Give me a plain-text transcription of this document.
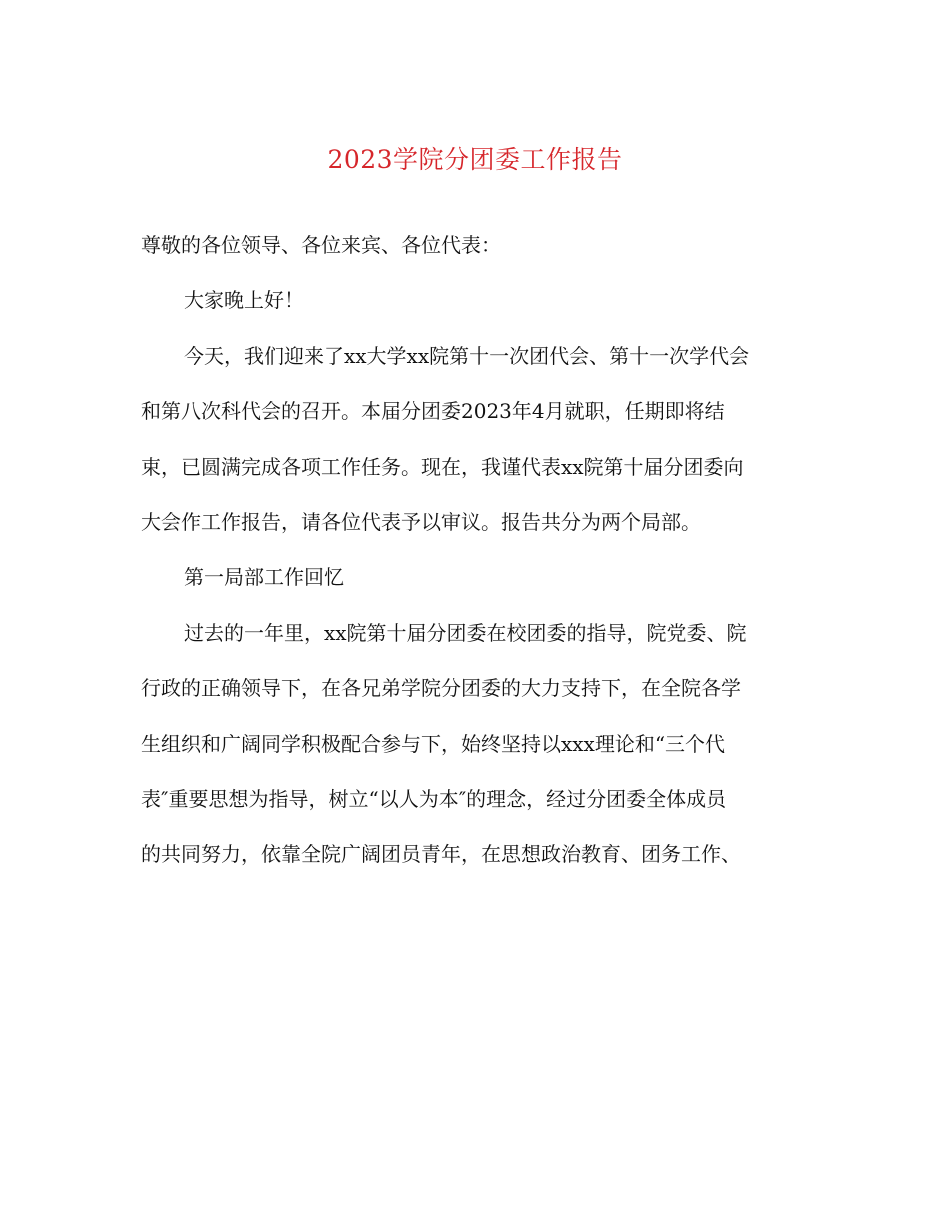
2023学院分团委工作报告
尊敬的各位领导、各位来宾、各位代表：
大家晚上好！
今天，我们迎来了xx大学xx院第十一次团代会、第十一次学代会
和第八次科代会的召开。本届分团委2023年4月就职，任期即将结
束，已圆满完成各项工作任务。现在，我谨代表xx院第十届分团委向
大会作工作报告，请各位代表予以审议。报告共分为两个局部。
第一局部工作回忆
过去的一年里，xx院第十届分团委在校团委的指导，院党委、院
行政的正确领导下，在各兄弟学院分团委的大力支持下，在全院各学
生组织和广阔同学积极配合参与下，始终坚持以xxx理论和“三个代
表″重要思想为指导，树立“以人为本″的理念，经过分团委全体成员
的共同努力，依靠全院广阔团员青年，在思想政治教育、团务工作、
